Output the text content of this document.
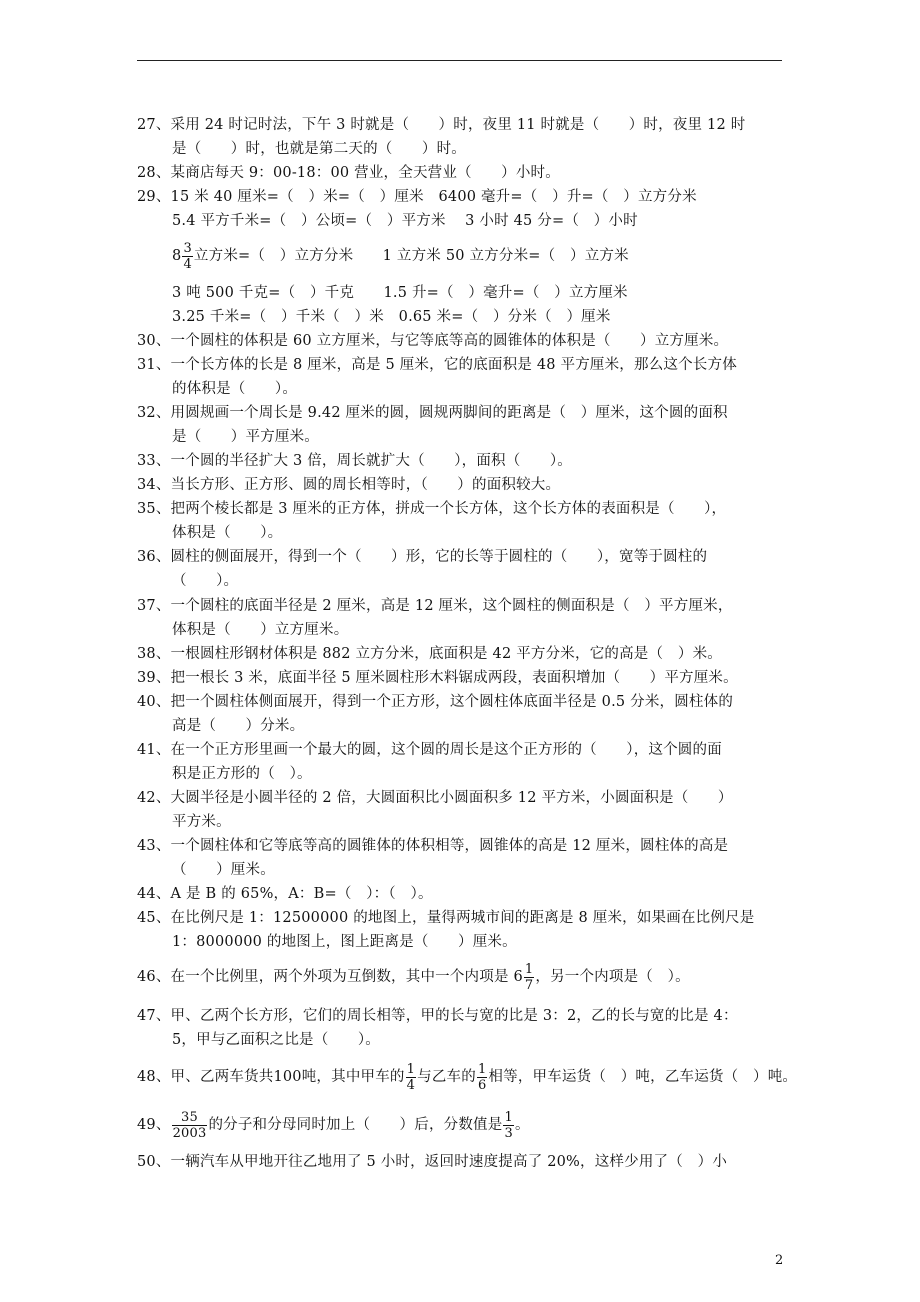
27、采用 24 时记时法，下午 3 时就是（　　）时，夜里 11 时就是（　　）时，夜里 12 时
是（　　）时，也就是第二天的（　　）时。
28、某商店每天 9：00-18：00 营业，全天营业（　　）小时。
29、15 米 40 厘米=（　）米=（　）厘米　6400 毫升=（　）升=（　）立方分米
5.4 平方千米=（　）公顷=（　）平方米　 3 小时 45 分=（　）小时
$8 \frac{3}{4}$ 立方米=（　）立方分米　　1 立方米 50 立方分米=（　）立方米
3 吨 500 千克=（　）千克　　1.5 升=（　）毫升=（　）立方厘米
3.25 千米=（　）千米（　）米　0.65 米=（　）分米（　）厘米
30、一个圆柱的体积是 60 立方厘米，与它等底等高的圆锥体的体积是（　　）立方厘米。
31、一个长方体的长是 8 厘米，高是 5 厘米，它的底面积是 48 平方厘米，那么这个长方体
的体积是（　　）。
32、用圆规画一个周长是 9.42 厘米的圆，圆规两脚间的距离是（　）厘米，这个圆的面积
是（　　）平方厘米。
33、一个圆的半径扩大 3 倍，周长就扩大（　　），面积（　　）。
34、当长方形、正方形、圆的周长相等时，（　　）的面积较大。
35、把两个棱长都是 3 厘米的正方体，拼成一个长方体，这个长方体的表面积是（　　），
体积是（　　）。
36、圆柱的侧面展开，得到一个（　　）形，它的长等于圆柱的（　　），宽等于圆柱的
（　　）。
37、一个圆柱的底面半径是 2 厘米，高是 12 厘米，这个圆柱的侧面积是（　）平方厘米，
体积是（　　）立方厘米。
38、一根圆柱形钢材体积是 882 立方分米，底面积是 42 平方分米，它的高是（　）米。
39、把一根长 3 米，底面半径 5 厘米圆柱形木料锯成两段，表面积增加（　　）平方厘米。
40、把一个圆柱体侧面展开，得到一个正方形，这个圆柱体底面半径是 0.5 分米，圆柱体的
高是（　　）分米。
41、在一个正方形里画一个最大的圆，这个圆的周长是这个正方形的（　　），这个圆的面
积是正方形的（　）。
42、大圆半径是小圆半径的 2 倍，大圆面积比小圆面积多 12 平方米，小圆面积是（　　）
平方米。
43、一个圆柱体和它等底等高的圆锥体的体积相等，圆锥体的高是 12 厘米，圆柱体的高是
（　　）厘米。
44、A 是 B 的 65%，A：B=（　）：（　）。
45、在比例尺是 1：12500000 的地图上，量得两城市间的距离是 8 厘米，如果画在比例尺是
1：8000000 的地图上，图上距离是（　　）厘米。
46、在一个比例里，两个外项为互倒数，其中一个内项是 $6 \frac{1}{7}$ ，另一个内项是（　）。
47、甲、乙两个长方形，它们的周长相等，甲的长与宽的比是 3：2，乙的长与宽的比是 4：
5，甲与乙面积之比是（　　）。
48、甲、乙两车货共100吨，其中甲车的 $\frac{1}{4}$ 与乙车的 $\frac{1}{6}$ 相等，甲车运货（　）吨，乙车运货（　）吨。
49、 $\frac{35}{2003}$ 的分子和分母同时加上（　　）后，分数值是 $\frac{1}{3}$ 。
50、一辆汽车从甲地开往乙地用了 5 小时，返回时速度提高了 20%，这样少用了（　）小
2
